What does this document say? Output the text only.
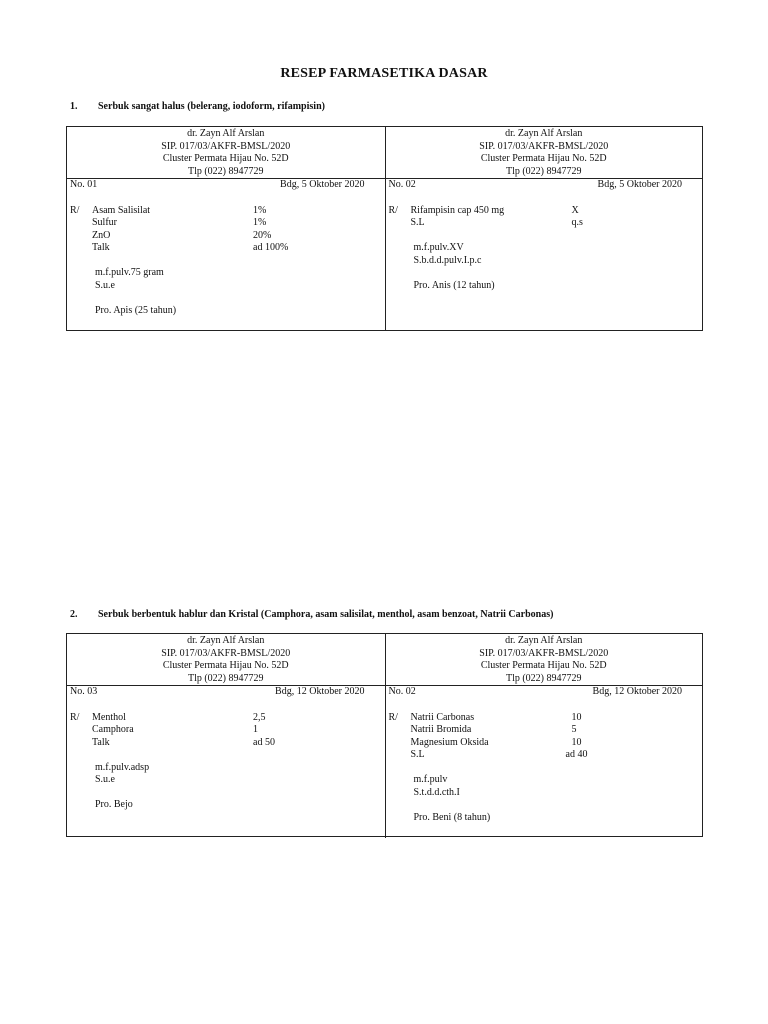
RESEP FARMASETIKA DASAR
1. Serbuk sangat halus (belerang, iodoform, rifampisin)
dr. Zayn Alf Arslan
SIP. 017/03/AKFR-BMSL/2020
Cluster Permata Hijau No. 52D
Tlp (022) 8947729
dr. Zayn Alf Arslan
SIP. 017/03/AKFR-BMSL/2020
Cluster Permata Hijau No. 52D
Tlp (022) 8947729
No. 01	Bdg, 5 Oktober 2020
R/	Asam Salisilat	1%
Sulfur	1%
ZnO	20%
Talk	ad 100%
m.f.pulv.75 gram
S.u.e
Pro. Apis (25 tahun)
No. 02	Bdg, 5 Oktober 2020
R/	Rifampisin cap 450 mg	X
S.L	q.s
m.f.pulv.XV
S.b.d.d.pulv.I.p.c
Pro. Anis (12 tahun)
2. Serbuk berbentuk hablur dan Kristal (Camphora, asam salisilat, menthol, asam benzoat, Natrii Carbonas)
dr. Zayn Alf Arslan
SIP. 017/03/AKFR-BMSL/2020
Cluster Permata Hijau No. 52D
Tlp (022) 8947729
dr. Zayn Alf Arslan
SIP. 017/03/AKFR-BMSL/2020
Cluster Permata Hijau No. 52D
Tlp (022) 8947729
No. 03	Bdg, 12 Oktober 2020
R/	Menthol	2,5
Camphora	1
Talk	ad 50
m.f.pulv.adsp
S.u.e
Pro. Bejo
No. 02	Bdg, 12 Oktober 2020
R/	Natrii Carbonas	10
Natrii Bromida	5
Magnesium Oksida	10
S.L	ad 40
m.f.pulv
S.t.d.d.cth.I
Pro. Beni (8 tahun)
